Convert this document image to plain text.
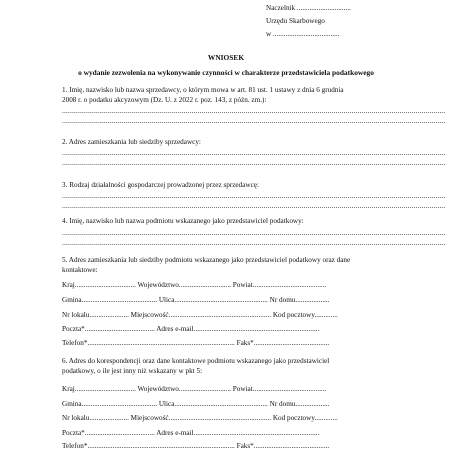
Naczelnik ..............................
Urzędu Skarbowego
w .....................................
WNIOSEK
o wydanie zezwolenia na wykonywanie czynności w charakterze przedstawiciela podatkowego
1. Imię, nazwisko lub nazwa sprzedawcy, o którym mowa w art. 81 ust. 1 ustawy z dnia 6 grudnia
2008 r. o podatku akcyzowym (Dz. U. z 2022 r. poz. 143, z późn. zm.):
................................................................................................................................................................................................
................................................................................................................................................................................................
2. Adres zamieszkania lub siedziby sprzedawcy:
................................................................................................................................................................................................
................................................................................................................................................................................................
3. Rodzaj działalności gospodarczej prowadzonej przez sprzedawcę:
................................................................................................................................................................................................
................................................................................................................................................................................................
4. Imię, nazwisko lub nazwa podmiotu wskazanego jako przedstawiciel podatkowy:
................................................................................................................................................................................................
................................................................................................................................................................................................
5. Adres zamieszkania lub siedziby podmiotu wskazanego jako przedstawiciel podatkowy oraz dane
kontaktowe:
Kraj.................................. Województwo............................. Powiat.........................................
Gmina.......................................... Ulica.................................................... Nr domu...................
Nr lokalu...................... Miejscowość......................................................... Kod pocztowy.............
Poczta*....................................... Adres e-mail......................................................................
Telefon*.................................................................................. Faks*..........................................
6. Adres do korespondencji oraz dane kontaktowe podmiotu wskazanego jako przedstawiciel
podatkowy, o ile jest inny niż wskazany w pkt 5:
Kraj.................................. Województwo............................. Powiat.........................................
Gmina.......................................... Ulica.................................................... Nr domu...................
Nr lokalu...................... Miejscowość......................................................... Kod pocztowy.............
Poczta*....................................... Adres e-mail......................................................................
Telefon*.................................................................................. Faks*..........................................
